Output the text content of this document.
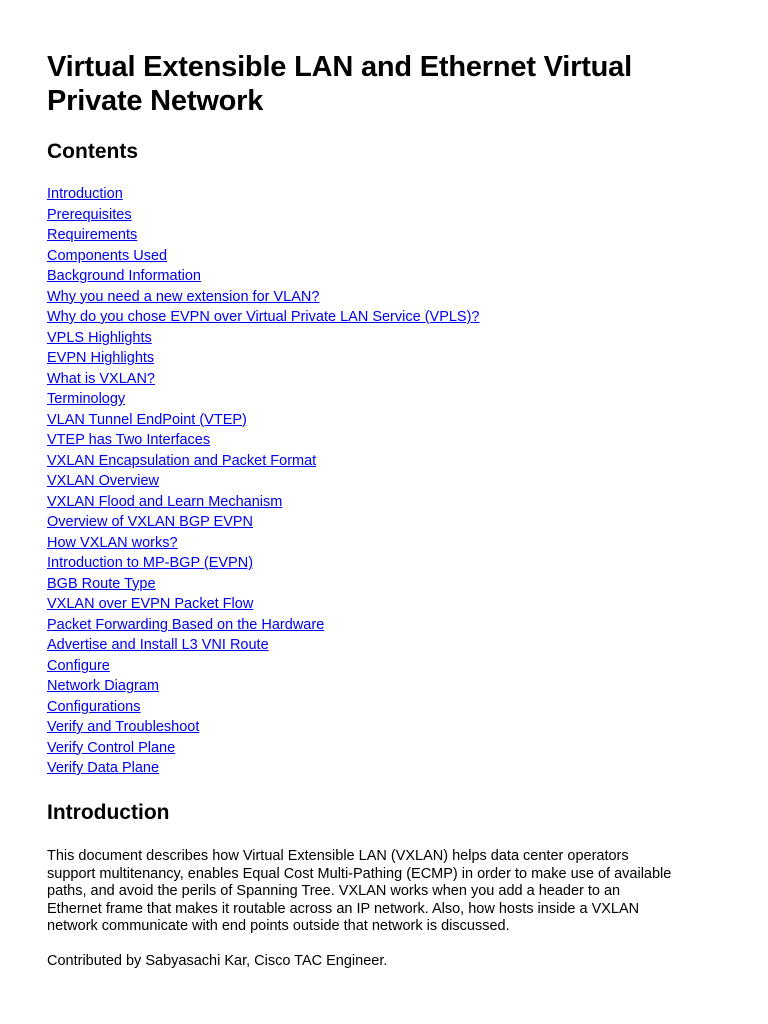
Virtual Extensible LAN and Ethernet Virtual
Private Network
Contents
Introduction
Prerequisites
Requirements
Components Used
Background Information
Why you need a new extension for VLAN?
Why do you chose EVPN over Virtual Private LAN Service (VPLS)?
VPLS Highlights
EVPN Highlights
What is VXLAN?
Terminology
VLAN Tunnel EndPoint (VTEP)
VTEP has Two Interfaces
VXLAN Encapsulation and Packet Format
VXLAN Overview
VXLAN Flood and Learn Mechanism
Overview of VXLAN BGP EVPN
How VXLAN works?
Introduction to MP-BGP (EVPN)
BGB Route Type
VXLAN over EVPN Packet Flow
Packet Forwarding Based on the Hardware
Advertise and Install L3 VNI Route
Configure
Network Diagram
Configurations
Verify and Troubleshoot
Verify Control Plane
Verify Data Plane
Introduction

This document describes how Virtual Extensible LAN (VXLAN) helps data center operators
support multitenancy, enables Equal Cost Multi-Pathing (ECMP) in order to make use of available
paths, and avoid the perils of Spanning Tree. VXLAN works when you add a header to an
Ethernet frame that makes it routable across an IP network. Also, how hosts inside a VXLAN
network communicate with end points outside that network is discussed.

Contributed by Sabyasachi Kar, Cisco TAC Engineer.
